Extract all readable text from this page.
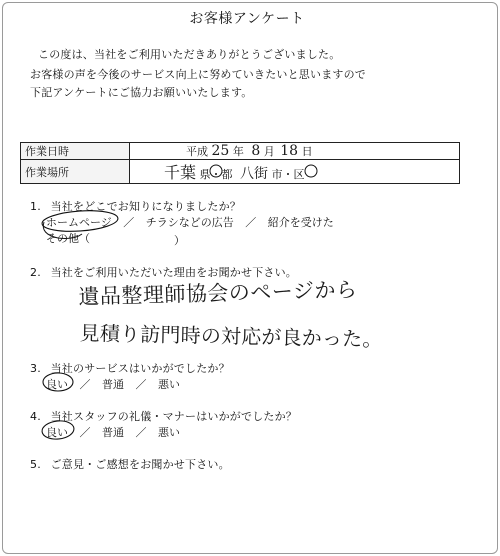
お客様アンケート
この度は、当社をご利用いただきありがとうございました。
お客様の声を今後のサービス向上に努めていきたいと思いますので
下記アンケートにご協力お願いいたします。
作業日時	平成 25 年 8 月 18 日
作業場所	千葉 県・都 八街 市・区
1. 当社をどこでお知りになりましたか？
ホームページ ／ チラシなどの広告 ／ 紹介を受けた
その他（	）
2. 当社をご利用いただいた理由をお聞かせ下さい。
遺品整理師協会のページから
見積り訪門時の対応が良かった。
3. 当社のサービスはいかがでしたか？
良い ／ 普通 ／ 悪い
4. 当社スタッフの礼儀・マナーはいかがでしたか？
良い ／ 普通 ／ 悪い
5. ご意見・ご感想をお聞かせ下さい。
